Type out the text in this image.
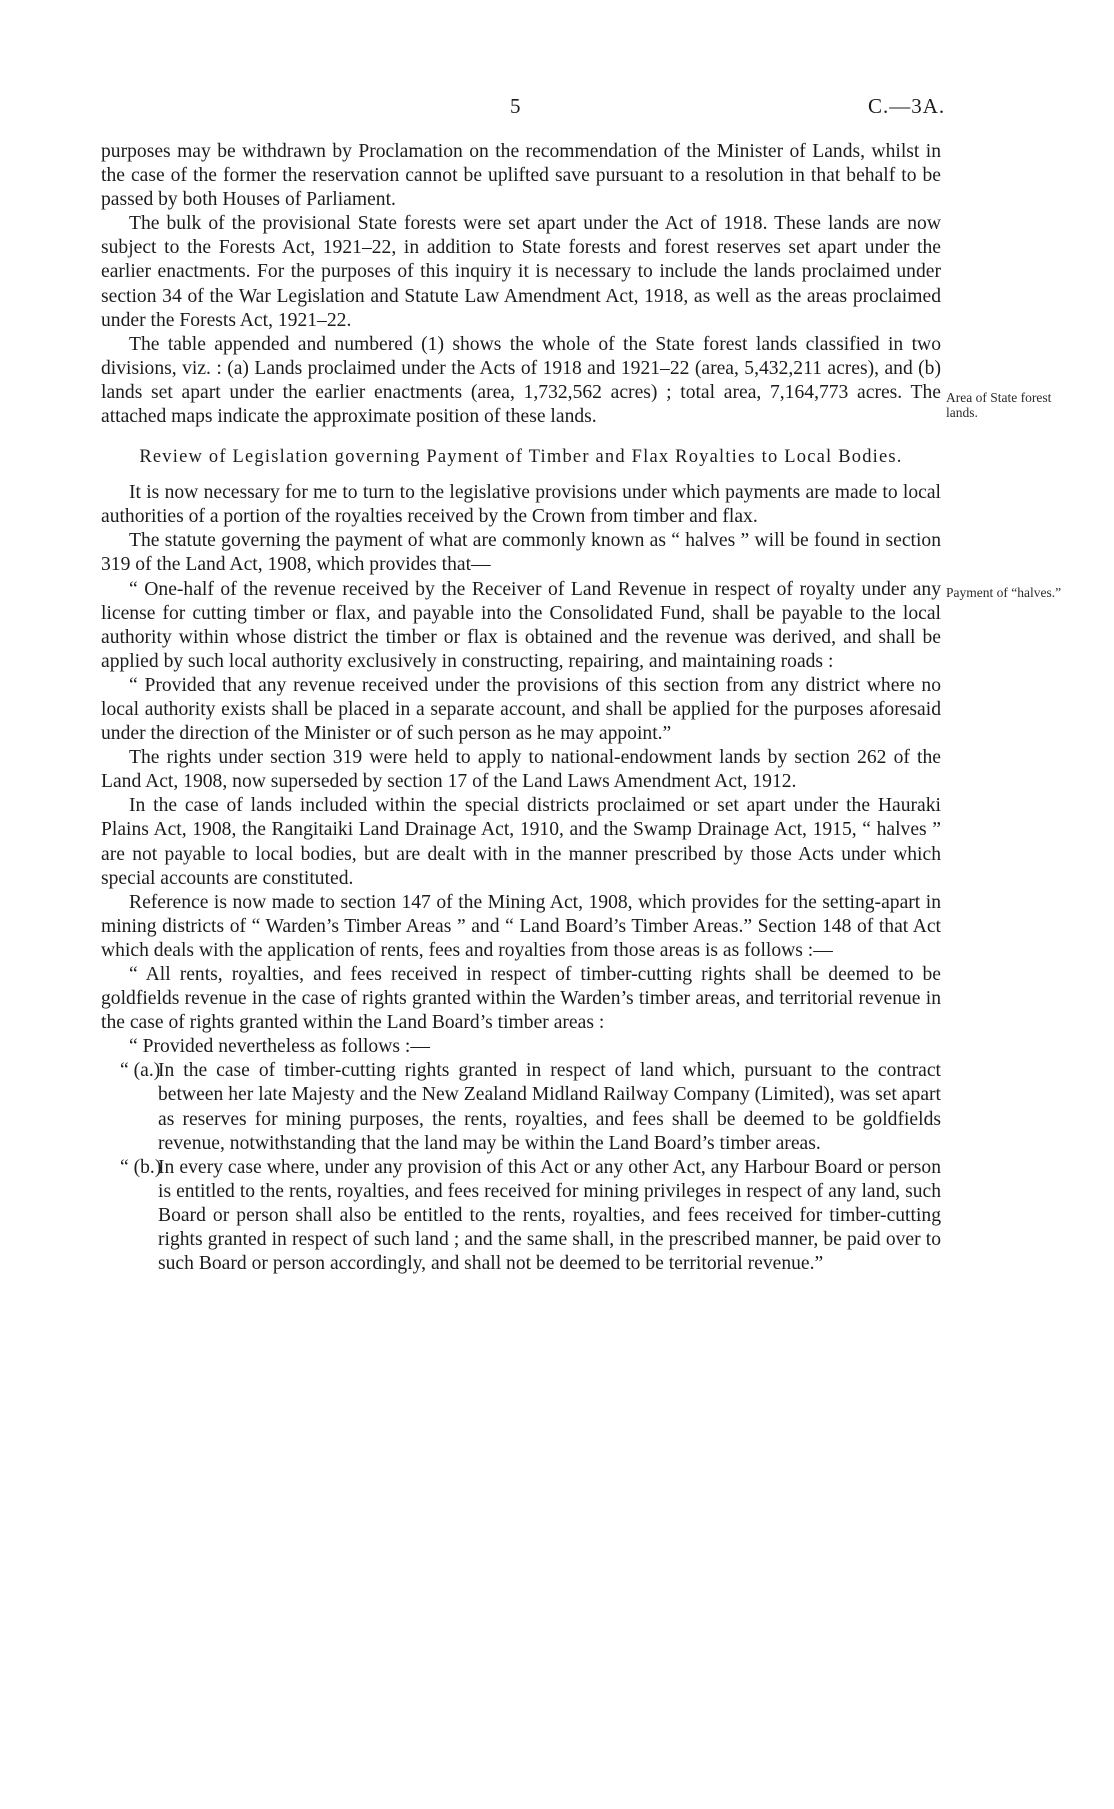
5	C.—3A.
Area of State forest lands.
Payment of “halves.”

purposes may be withdrawn by Proclamation on the recommendation of the Minister of Lands, whilst in the case of the former the reservation cannot be uplifted save pursuant to a resolution in that behalf to be passed by both Houses of Parliament.

The bulk of the provisional State forests were set apart under the Act of 1918. These lands are now subject to the Forests Act, 1921–22, in addition to State forests and forest reserves set apart under the earlier enactments. For the purposes of this inquiry it is necessary to include the lands proclaimed under section 34 of the War Legislation and Statute Law Amendment Act, 1918, as well as the areas proclaimed under the Forests Act, 1921–22.

The table appended and numbered (1) shows the whole of the State forest lands classified in two divisions, viz. : (a) Lands proclaimed under the Acts of 1918 and 1921–22 (area, 5,432,211 acres), and (b) lands set apart under the earlier enactments (area, 1,732,562 acres) ; total area, 7,164,773 acres. The attached maps indicate the approximate position of these lands.

Review of Legislation governing Payment of Timber and Flax Royalties to Local Bodies.

It is now necessary for me to turn to the legislative provisions under which payments are made to local authorities of a portion of the royalties received by the Crown from timber and flax.

The statute governing the payment of what are commonly known as “ halves ” will be found in section 319 of the Land Act, 1908, which provides that—

“ One-half of the revenue received by the Receiver of Land Revenue in respect of royalty under any license for cutting timber or flax, and payable into the Consolidated Fund, shall be payable to the local authority within whose district the timber or flax is obtained and the revenue was derived, and shall be applied by such local authority exclusively in constructing, repairing, and maintaining roads :

“ Provided that any revenue received under the provisions of this section from any district where no local authority exists shall be placed in a separate account, and shall be applied for the purposes aforesaid under the direction of the Minister or of such person as he may appoint.”

The rights under section 319 were held to apply to national-endowment lands by section 262 of the Land Act, 1908, now superseded by section 17 of the Land Laws Amendment Act, 1912.

In the case of lands included within the special districts proclaimed or set apart under the Hauraki Plains Act, 1908, the Rangitaiki Land Drainage Act, 1910, and the Swamp Drainage Act, 1915, “ halves ” are not payable to local bodies, but are dealt with in the manner prescribed by those Acts under which special accounts are constituted.

Reference is now made to section 147 of the Mining Act, 1908, which provides for the setting-apart in mining districts of “ Warden’s Timber Areas ” and “ Land Board’s Timber Areas.” Section 148 of that Act which deals with the application of rents, fees and royalties from those areas is as follows :—

“ All rents, royalties, and fees received in respect of timber-cutting rights shall be deemed to be goldfields revenue in the case of rights granted within the Warden’s timber areas, and territorial revenue in the case of rights granted within the Land Board’s timber areas :

“ Provided nevertheless as follows :—

“ (a.)
In the case of timber-cutting rights granted in respect of land which, pursuant to the contract between her late Majesty and the New Zealand Midland Railway Company (Limited), was set apart as reserves for mining purposes, the rents, royalties, and fees shall be deemed to be goldfields revenue, notwithstanding that the land may be within the Land Board’s timber areas.
“ (b.)
In every case where, under any provision of this Act or any other Act, any Harbour Board or person is entitled to the rents, royalties, and fees received for mining privileges in respect of any land, such Board or person shall also be entitled to the rents, royalties, and fees received for timber-cutting rights granted in respect of such land ; and the same shall, in the prescribed manner, be paid over to such Board or person accordingly, and shall not be deemed to be territorial revenue.”
